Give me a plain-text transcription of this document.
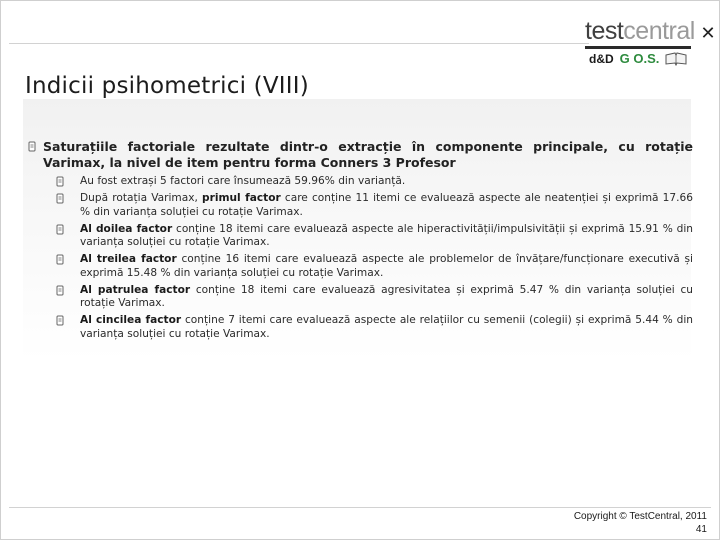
testcentral
d&D G O.S.
✕
Indicii psihometrici (VIII)
Saturațiile factoriale rezultate dintr-o extracție în componente principale, cu rotație Varimax, la nivel de item pentru forma Conners 3 Profesor
Au fost extrași 5 factori care însumează 59.96% din varianță.
După rotația Varimax, primul factor care conține 11 itemi ce evaluează aspecte ale neatenției și exprimă 17.66 % din varianța soluției cu rotație Varimax.
Al doilea factor conține 18 itemi care evaluează aspecte ale hiperactivității/impulsivității și exprimă 15.91 % din varianța soluției cu rotație Varimax.
Al treilea factor conține 16 itemi care evaluează aspecte ale problemelor de învățare/funcționare executivă și exprimă 15.48 % din varianța soluției cu rotație Varimax.
Al patrulea factor conține 18 itemi care evaluează agresivitatea și exprimă 5.47 % din varianța soluției cu rotație Varimax.
Al cincilea factor conține 7 itemi care evaluează aspecte ale relațiilor cu semenii (colegii) și exprimă 5.44 % din varianța soluției cu rotație Varimax.
Copyright © TestCentral, 2011
41
